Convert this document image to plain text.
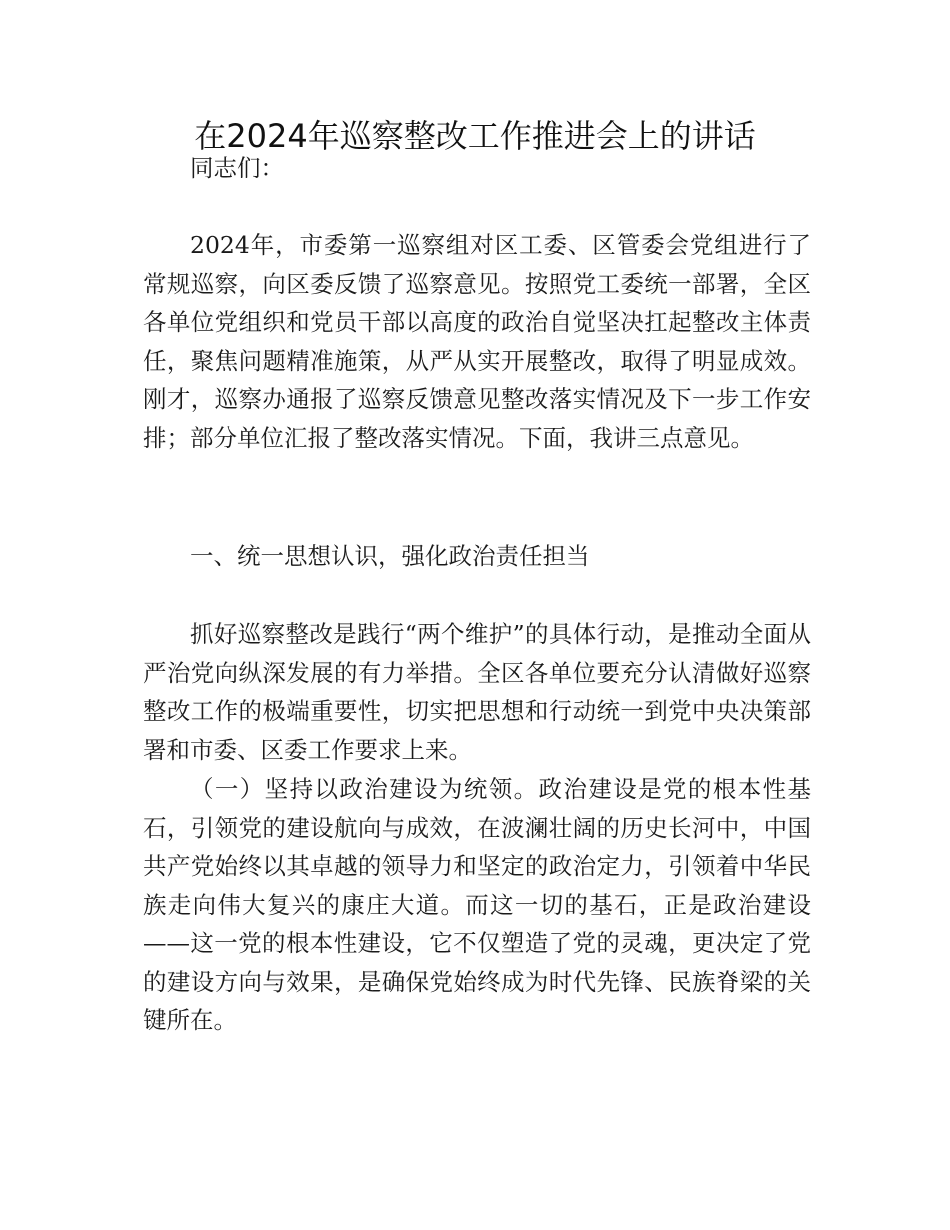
在2024年巡察整改工作推进会上的讲话

同志们：

2024年，市委第一巡察组对区工委、区管委会党组进行了常规巡察，向区委反馈了巡察意见。按照党工委统一部署，全区各单位党组织和党员干部以高度的政治自觉坚决扛起整改主体责任，聚焦问题精准施策，从严从实开展整改，取得了明显成效。刚才，巡察办通报了巡察反馈意见整改落实情况及下一步工作安排；部分单位汇报了整改落实情况。下面，我讲三点意见。

一、统一思想认识，强化政治责任担当

抓好巡察整改是践行“两个维护”的具体行动，是推动全面从严治党向纵深发展的有力举措。全区各单位要充分认清做好巡察整改工作的极端重要性，切实把思想和行动统一到党中央决策部署和市委、区委工作要求上来。

（一）坚持以政治建设为统领。政治建设是党的根本性基石，引领党的建设航向与成效，在波澜壮阔的历史长河中，中国共产党始终以其卓越的领导力和坚定的政治定力，引领着中华民族走向伟大复兴的康庄大道。而这一切的基石，正是政治建设——这一党的根本性建设，它不仅塑造了党的灵魂，更决定了党的建设方向与效果，是确保党始终成为时代先锋、民族脊梁的关键所在。
